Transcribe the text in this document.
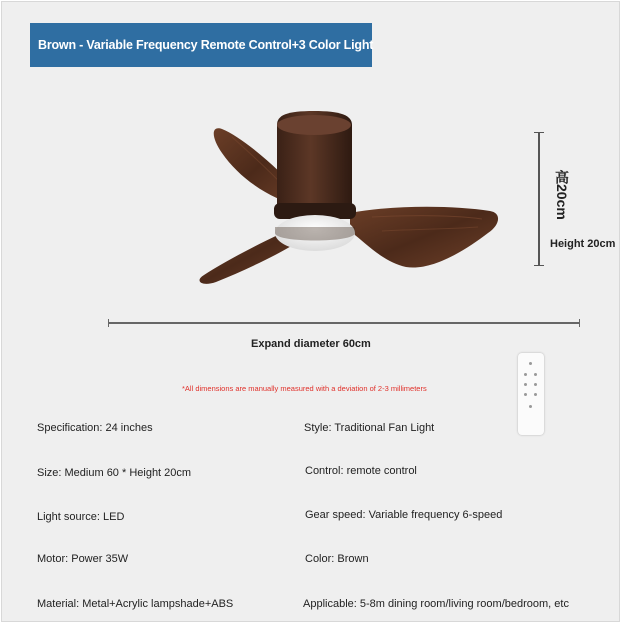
Brown - Variable Frequency Remote Control+3 Color Light
高20cm
Height 20cm
Expand diameter 60cm
*All dimensions are manually measured with a deviation of 2-3 millimeters
Specification: 24 inches	Style: Traditional Fan Light
Size: Medium 60 * Height 20cm	Control: remote control
Light source: LED	Gear speed: Variable frequency 6-speed
Motor: Power 35W	Color: Brown
Material: Metal+Acrylic lampshade+ABS	Applicable: 5-8m dining room/living room/bedroom, etc
